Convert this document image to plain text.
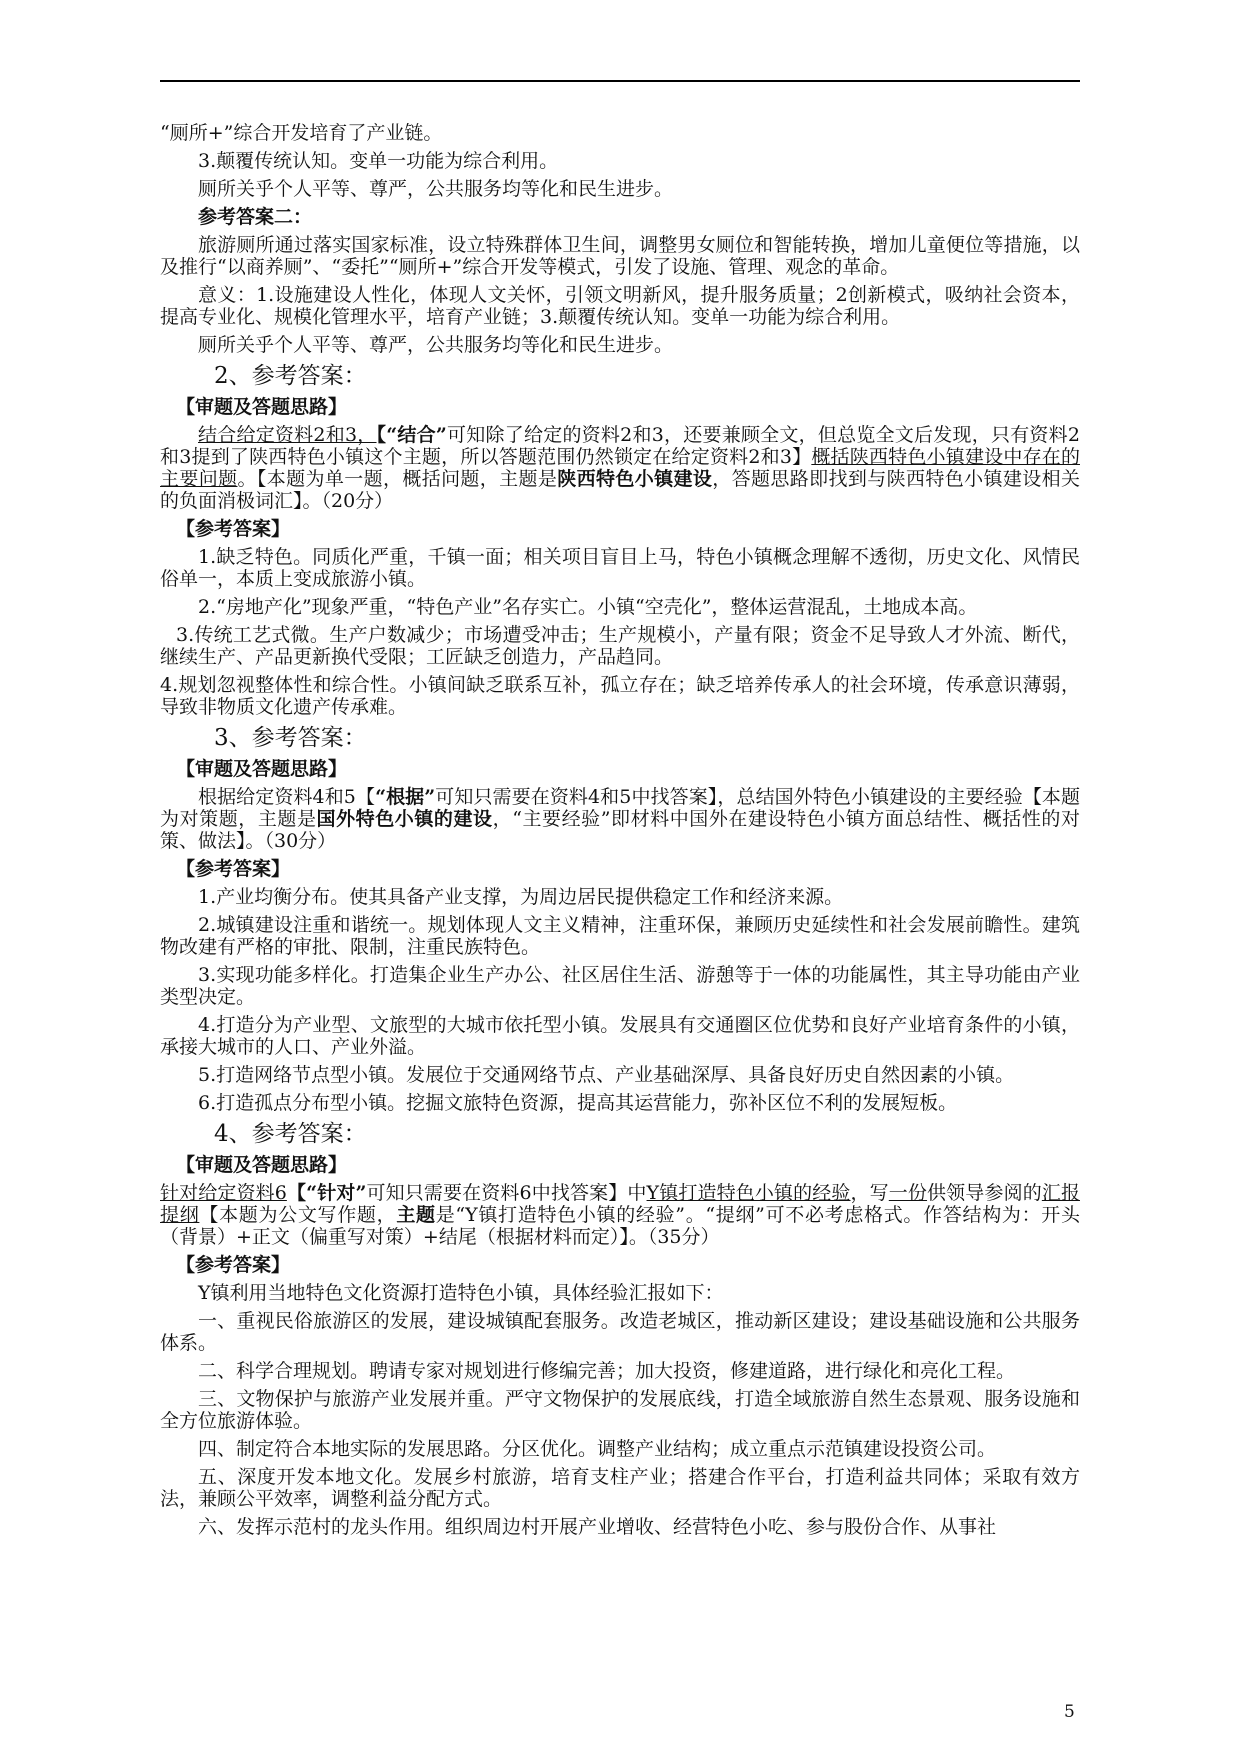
“厕所+”综合开发培育了产业链。

3.颠覆传统认知。变单一功能为综合利用。

厕所关乎个人平等、尊严，公共服务均等化和民生进步。

参考答案二：

旅游厕所通过落实国家标准，设立特殊群体卫生间，调整男女厕位和智能转换，增加儿童便位等措施，以及推行“以商养厕”、“委托”“厕所+”综合开发等模式，引发了设施、管理、观念的革命。

意义：1.设施建设人性化，体现人文关怀，引领文明新风，提升服务质量；2创新模式，吸纳社会资本，提高专业化、规模化管理水平，培育产业链；3.颠覆传统认知。变单一功能为综合利用。

厕所关乎个人平等、尊严，公共服务均等化和民生进步。

2、参考答案：

【审题及答题思路】

结合给定资料2和3，【“结合”可知除了给定的资料2和3，还要兼顾全文，但总览全文后发现，只有资料2和3提到了陕西特色小镇这个主题，所以答题范围仍然锁定在给定资料2和3】概括陕西特色小镇建设中存在的主要问题。【本题为单一题，概括问题，主题是陕西特色小镇建设，答题思路即找到与陕西特色小镇建设相关的负面消极词汇】。（20分）

【参考答案】

1.缺乏特色。同质化严重，千镇一面；相关项目盲目上马，特色小镇概念理解不透彻，历史文化、风情民俗单一，本质上变成旅游小镇。

2.“房地产化”现象严重，“特色产业”名存实亡。小镇“空壳化”，整体运营混乱，土地成本高。

3.传统工艺式微。生产户数减少；市场遭受冲击；生产规模小，产量有限；资金不足导致人才外流、断代，继续生产、产品更新换代受限；工匠缺乏创造力，产品趋同。

4.规划忽视整体性和综合性。小镇间缺乏联系互补，孤立存在；缺乏培养传承人的社会环境，传承意识薄弱，导致非物质文化遗产传承难。

3、参考答案：

【审题及答题思路】

根据给定资料4和5【“根据”可知只需要在资料4和5中找答案】，总结国外特色小镇建设的主要经验【本题为对策题，主题是国外特色小镇的建设，“主要经验”即材料中国外在建设特色小镇方面总结性、概括性的对策、做法】。（30分）

【参考答案】

1.产业均衡分布。使其具备产业支撑，为周边居民提供稳定工作和经济来源。

2.城镇建设注重和谐统一。规划体现人文主义精神，注重环保，兼顾历史延续性和社会发展前瞻性。建筑物改建有严格的审批、限制，注重民族特色。

3.实现功能多样化。打造集企业生产办公、社区居住生活、游憩等于一体的功能属性，其主导功能由产业类型决定。

4.打造分为产业型、文旅型的大城市依托型小镇。发展具有交通圈区位优势和良好产业培育条件的小镇，承接大城市的人口、产业外溢。

5.打造网络节点型小镇。发展位于交通网络节点、产业基础深厚、具备良好历史自然因素的小镇。

6.打造孤点分布型小镇。挖掘文旅特色资源，提高其运营能力，弥补区位不利的发展短板。

4、参考答案：

【审题及答题思路】

针对给定资料6【“针对”可知只需要在资料6中找答案】中Y镇打造特色小镇的经验，写一份供领导参阅的汇报提纲【本题为公文写作题，主题是“Y镇打造特色小镇的经验”。“提纲”可不必考虑格式。作答结构为：开头（背景）+正文（偏重写对策）+结尾（根据材料而定）】。（35分）

【参考答案】

Y镇利用当地特色文化资源打造特色小镇，具体经验汇报如下：

一、重视民俗旅游区的发展，建设城镇配套服务。改造老城区，推动新区建设；建设基础设施和公共服务体系。

二、科学合理规划。聘请专家对规划进行修编完善；加大投资，修建道路，进行绿化和亮化工程。

三、文物保护与旅游产业发展并重。严守文物保护的发展底线，打造全域旅游自然生态景观、服务设施和全方位旅游体验。

四、制定符合本地实际的发展思路。分区优化。调整产业结构；成立重点示范镇建设投资公司。

五、深度开发本地文化。发展乡村旅游，培育支柱产业；搭建合作平台，打造利益共同体；采取有效方法，兼顾公平效率，调整利益分配方式。

六、发挥示范村的龙头作用。组织周边村开展产业增收、经营特色小吃、参与股份合作、从事社

5
